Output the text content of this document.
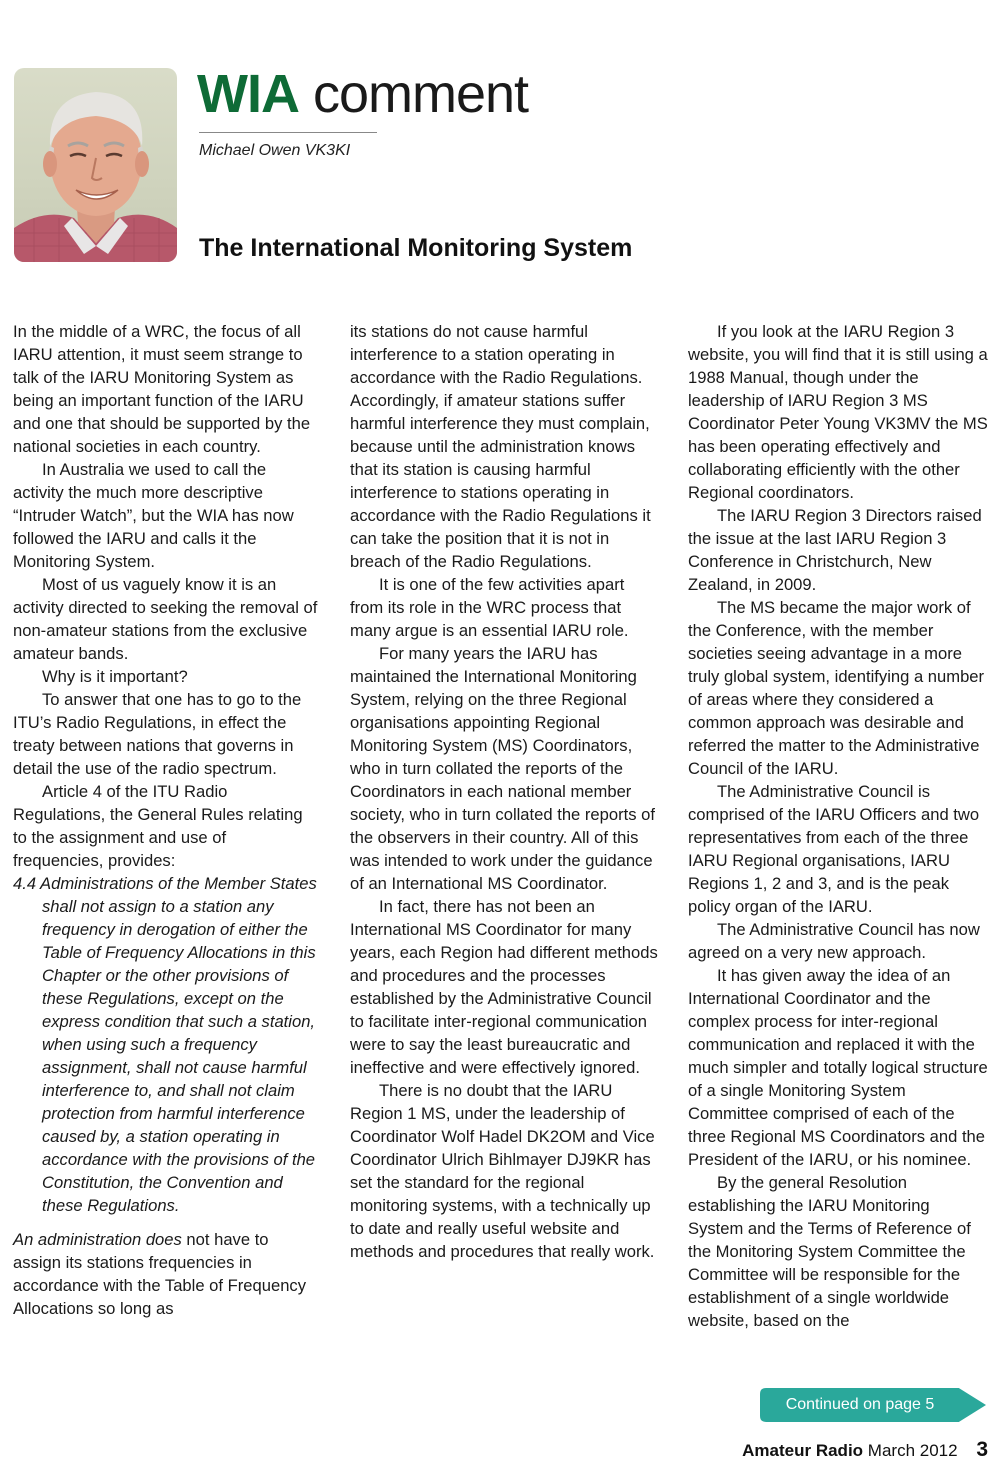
WIA comment
Michael Owen VK3KI
The International Monitoring System

In the middle of a WRC, the focus of all IARU attention, it must seem strange to talk of the IARU Monitoring System as being an important function of the IARU and one that should be supported by the national societies in each country.

In Australia we used to call the activity the much more descriptive “Intruder Watch”, but the WIA has now followed the IARU and calls it the Monitoring System.

Most of us vaguely know it is an activity directed to seeking the removal of non-amateur stations from the exclusive amateur bands.

Why is it important?

To answer that one has to go to the ITU’s Radio Regulations, in effect the treaty between nations that governs in detail the use of the radio spectrum.

Article 4 of the ITU Radio Regulations, the General Rules relating to the assignment and use of frequencies, provides:

4.4 Administrations of the Member States shall not assign to a station any frequency in derogation of either the Table of Frequency Allocations in this Chapter or the other provisions of these Regulations, except on the express condition that such a station, when using such a frequency assignment, shall not cause harmful interference to, and shall not claim protection from harmful interference caused by, a station operating in accordance with the provisions of the Constitution, the Convention and these Regulations.

An administration does not have to assign its stations frequencies in accordance with the Table of Frequency Allocations so long as

its stations do not cause harmful interference to a station operating in accordance with the Radio Regulations. Accordingly, if amateur stations suffer harmful interference they must complain, because until the administration knows that its station is causing harmful interference to stations operating in accordance with the Radio Regulations it can take the position that it is not in breach of the Radio Regulations.

It is one of the few activities apart from its role in the WRC process that many argue is an essential IARU role.

For many years the IARU has maintained the International Monitoring System, relying on the three Regional organisations appointing Regional Monitoring System (MS) Coordinators, who in turn collated the reports of the Coordinators in each national member society, who in turn collated the reports of the observers in their country. All of this was intended to work under the guidance of an International MS Coordinator.

In fact, there has not been an International MS Coordinator for many years, each Region had different methods and procedures and the processes established by the Administrative Council to facilitate inter-regional communication were to say the least bureaucratic and ineffective and were effectively ignored.

There is no doubt that the IARU Region 1 MS, under the leadership of Coordinator Wolf Hadel DK2OM and Vice Coordinator Ulrich Bihlmayer DJ9KR has set the standard for the regional monitoring systems, with a technically up to date and really useful website and methods and procedures that really work.

If you look at the IARU Region 3 website, you will find that it is still using a 1988 Manual, though under the leadership of IARU Region 3 MS Coordinator Peter Young VK3MV the MS has been operating effectively and collaborating efficiently with the other Regional coordinators.

The IARU Region 3 Directors raised the issue at the last IARU Region 3 Conference in Christchurch, New Zealand, in 2009.

The MS became the major work of the Conference, with the member societies seeing advantage in a more truly global system, identifying a number of areas where they considered a common approach was desirable and referred the matter to the Administrative Council of the IARU.

The Administrative Council is comprised of the IARU Officers and two representatives from each of the three IARU Regional organisations, IARU Regions 1, 2 and 3, and is the peak policy organ of the IARU.

The Administrative Council has now agreed on a very new approach.

It has given away the idea of an International Coordinator and the complex process for inter-regional communication and replaced it with the much simpler and totally logical structure of a single Monitoring System Committee comprised of each of the three Regional MS Coordinators and the President of the IARU, or his nominee.

By the general Resolution establishing the IARU Monitoring System and the Terms of Reference of the Monitoring System Committee the Committee will be responsible for the establishment of a single worldwide website, based on the

Continued on page 5
Amateur Radio March 2012 3
